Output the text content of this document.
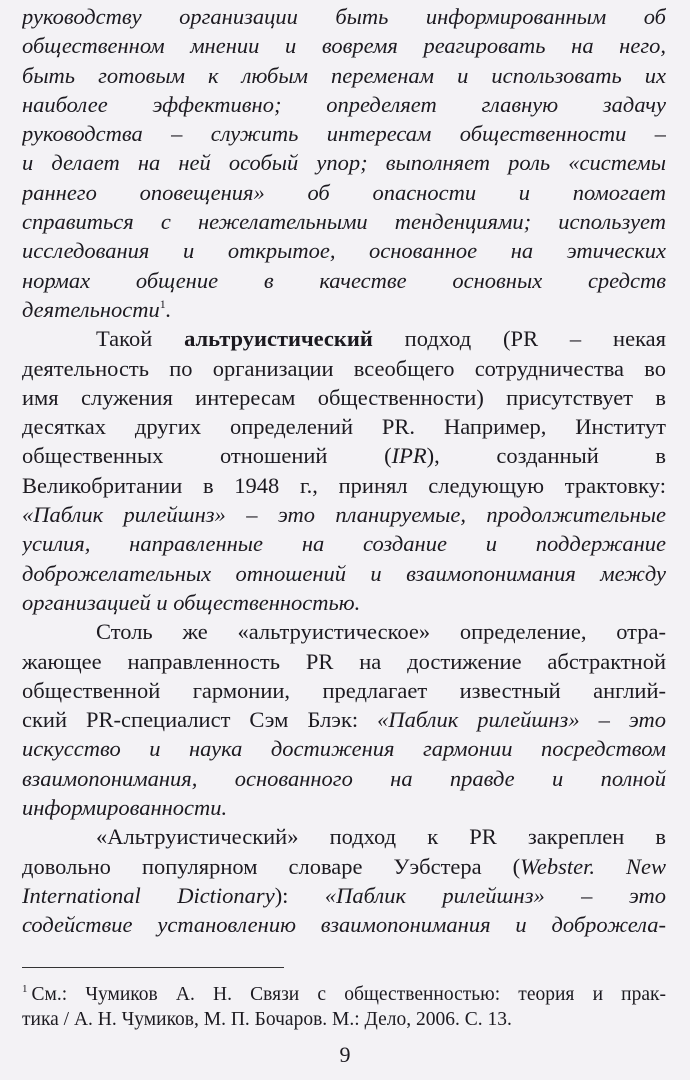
руководству организации быть информированным об
общественном мнении и вовремя реагировать на него,
быть готовым к любым переменам и использовать их
наиболее эффективно; определяет главную задачу
руководства – служить интересам общественности –
и делает на ней особый упор; выполняет роль «системы
раннего оповещения» об опасности и помогает
справиться с нежелательными тенденциями; использует
исследования и открытое, основанное на этических
нормах общение в качестве основных средств
деятельности$^1$.
Такой альтруистический подход (PR – некая
деятельность по организации всеобщего сотрудничества во
имя служения интересам общественности) присутствует в
десятках других определений PR. Например, Институт
общественных отношений (IPR), созданный в
Великобритании в 1948 г., принял следующую трактовку:
«Паблик рилейшнз» – это планируемые, продолжительные
усилия, направленные на создание и поддержание
доброжелательных отношений и взаимопонимания между
организацией и общественностью.
Столь же «альтруистическое» определение, отра-
жающее направленность PR на достижение абстрактной
общественной гармонии, предлагает известный англий-
ский PR-специалист Сэм Блэк: «Паблик рилейшнз» – это
искусство и наука достижения гармонии посредством
взаимопонимания, основанного на правде и полной
информированности.
«Альтруистический» подход к PR закреплен в
довольно популярном словаре Уэбстера (Webster. New
International Dictionary): «Паблик рилейшнз» – это
содействие установлению взаимопонимания и доброжела-
$^1$ См.: Чумиков А. Н. Связи с общественностью: теория и прак-
тика / А. Н. Чумиков, М. П. Бочаров. М.: Дело, 2006. С. 13.
9
